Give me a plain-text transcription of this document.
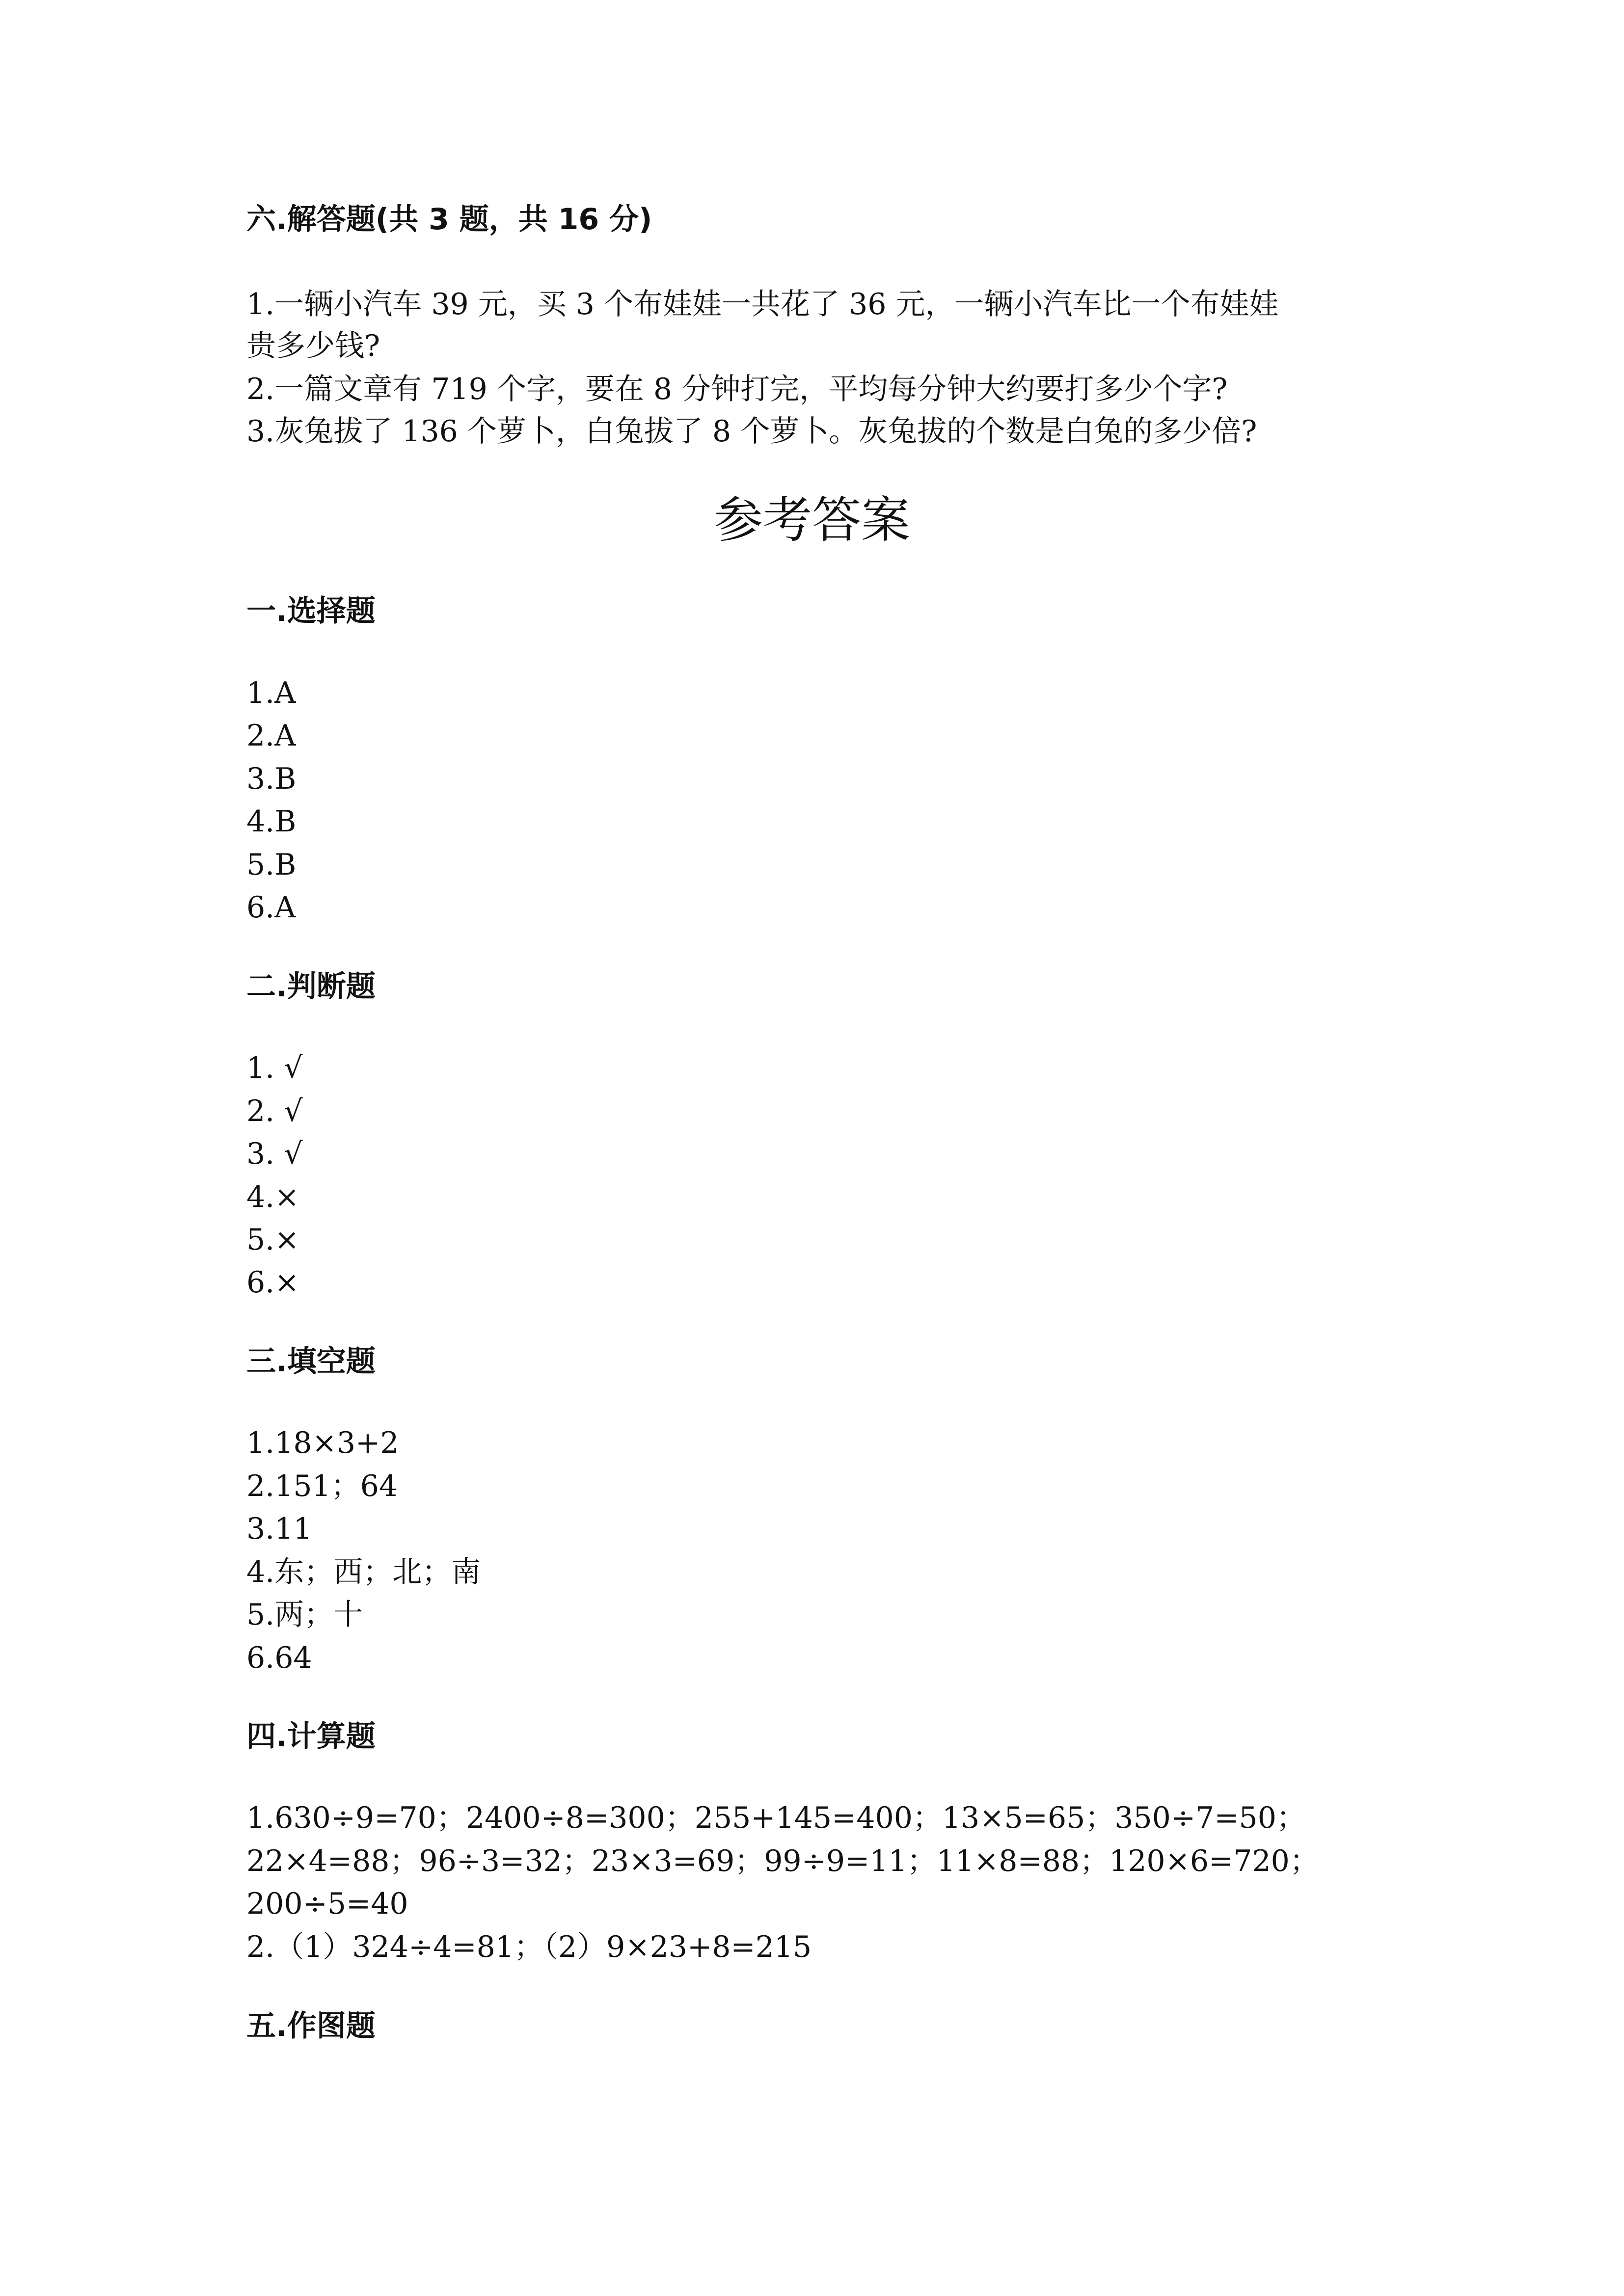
六.解答题(共 3 题，共 16 分)
1.一辆小汽车 39 元，买 3 个布娃娃一共花了 36 元，一辆小汽车比一个布娃娃
贵多少钱?
2.一篇文章有 719 个字，要在 8 分钟打完，平均每分钟大约要打多少个字?
3.灰兔拔了 136 个萝卜，白兔拔了 8 个萝卜。灰兔拔的个数是白兔的多少倍?
参考答案
一.选择题
1.A
2.A
3.B
4.B
5.B
6.A
二.判断题
1. √
2. √
3. √
4.×
5.×
6.×
三.填空题
1.18×3+2
2.151；64
3.11
4.东；西；北；南
5.两；十
6.64
四.计算题
1.630÷9=70；2400÷8=300；255+145=400；13×5=65；350÷7=50；
22×4=88；96÷3=32；23×3=69；99÷9=11；11×8=88；120×6=720；
200÷5=40
2.（1）324÷4=81；（2）9×23+8=215
五.作图题
